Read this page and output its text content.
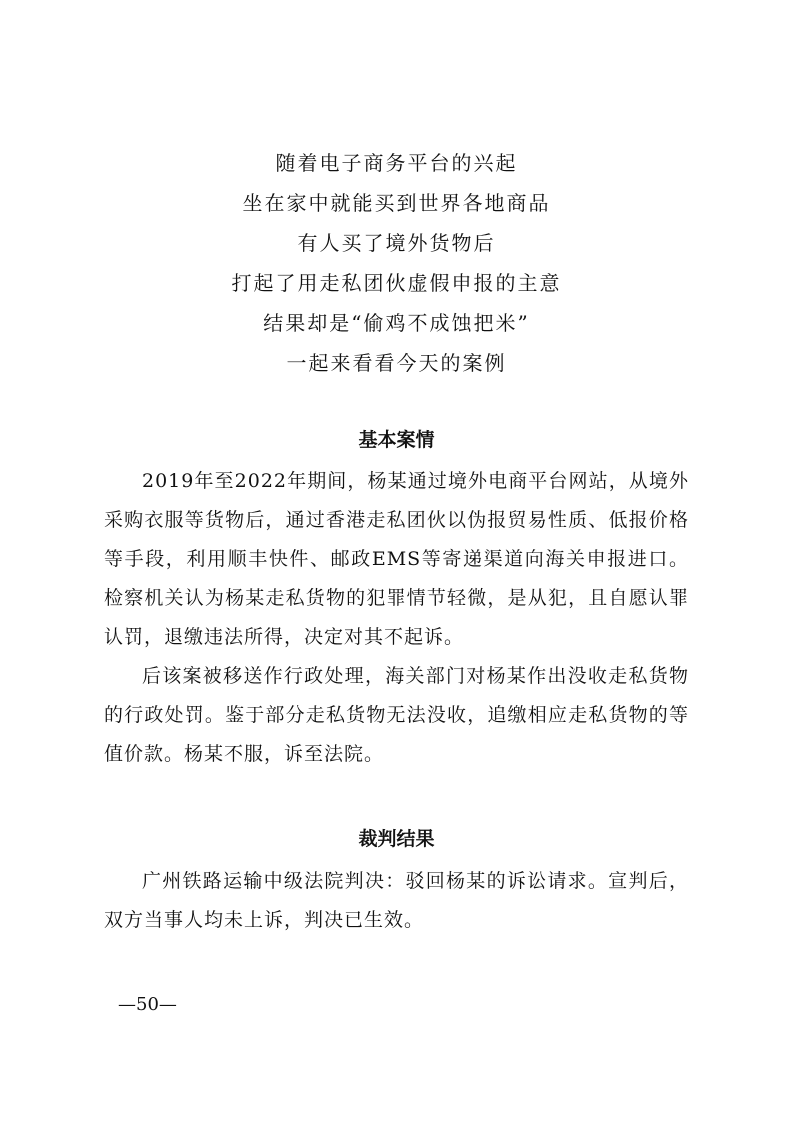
随着电子商务平台的兴起
坐在家中就能买到世界各地商品
有人买了境外货物后
打起了用走私团伙虚假申报的主意
结果却是“偷鸡不成蚀把米”
一起来看看今天的案例
基本案情

2019年至2022年期间，杨某通过境外电商平台网站，从境外采购衣服等货物后，通过香港走私团伙以伪报贸易性质、低报价格等手段，利用顺丰快件、邮政EMS等寄递渠道向海关申报进口。检察机关认为杨某走私货物的犯罪情节轻微，是从犯，且自愿认罪认罚，退缴违法所得，决定对其不起诉。

后该案被移送作行政处理，海关部门对杨某作出没收走私货物的行政处罚。鉴于部分走私货物无法没收，追缴相应走私货物的等值价款。杨某不服，诉至法院。

裁判结果

广州铁路运输中级法院判决：驳回杨某的诉讼请求。宣判后，双方当事人均未上诉，判决已生效。

—50—
